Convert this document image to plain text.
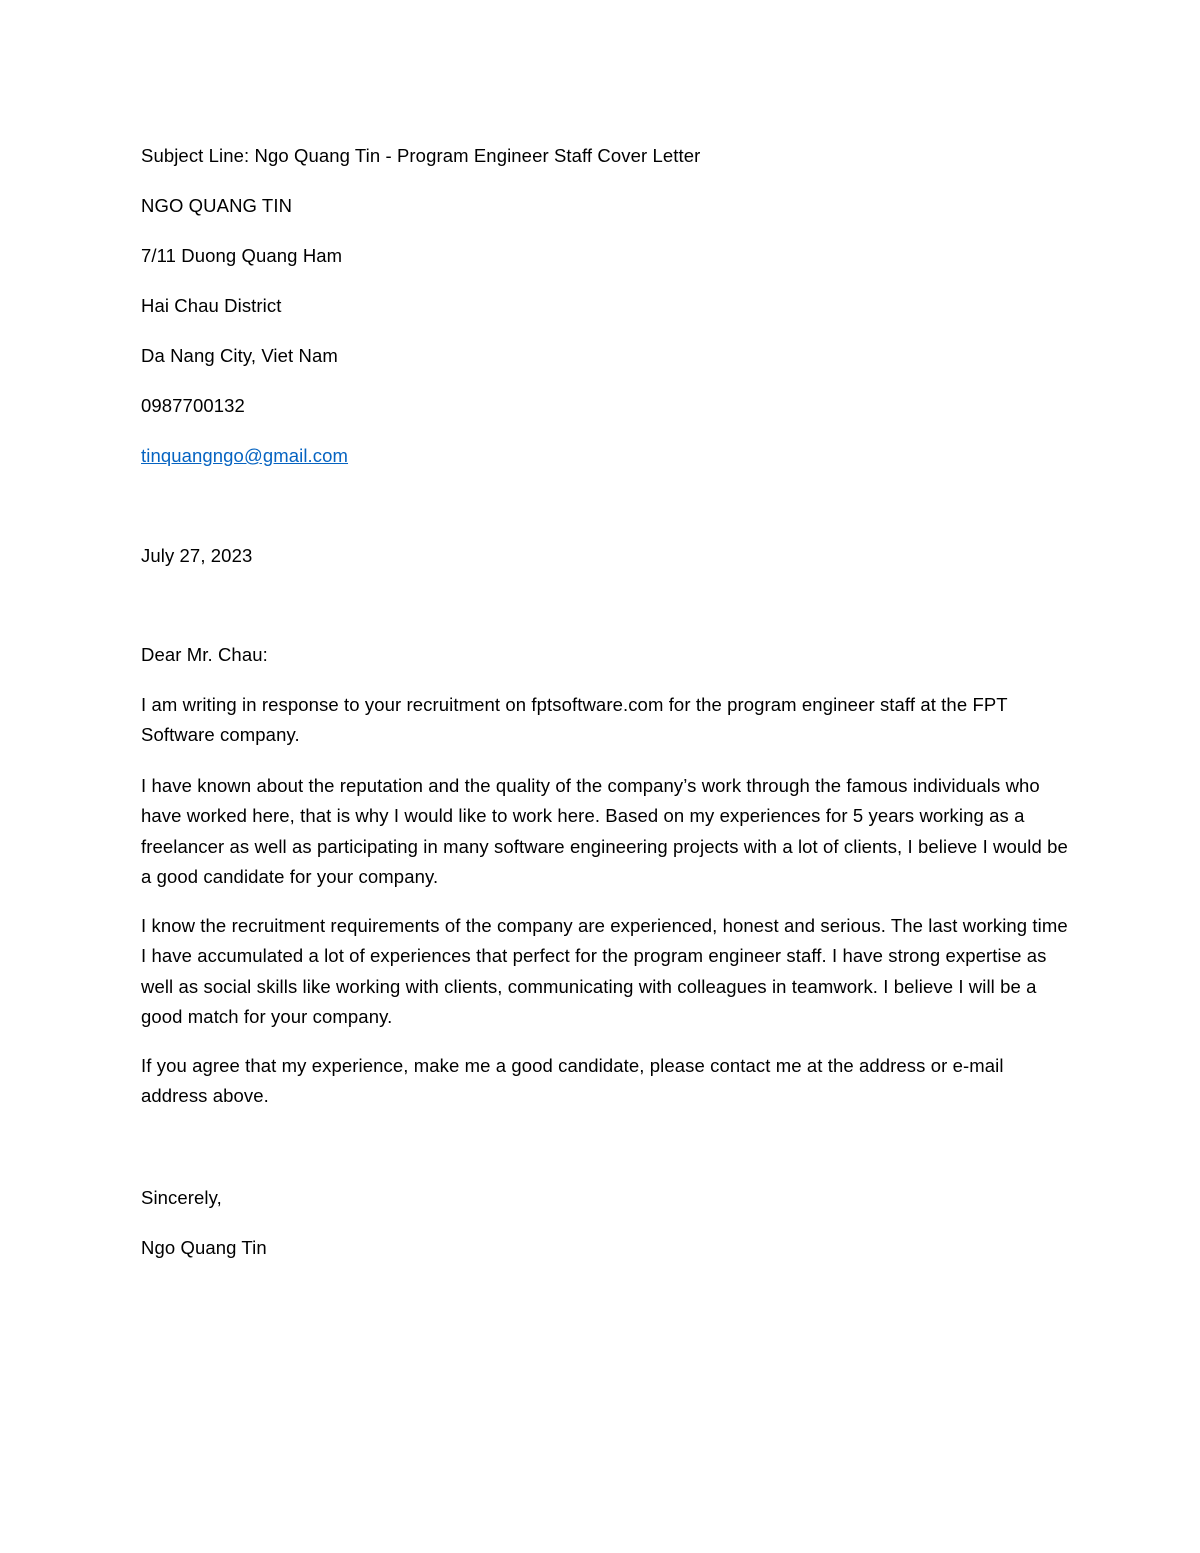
Subject Line: Ngo Quang Tin - Program Engineer Staff Cover Letter

NGO QUANG TIN

7/11 Duong Quang Ham

Hai Chau District

Da Nang City, Viet Nam

0987700132

tinquangngo@gmail.com

July 27, 2023

Dear Mr. Chau:

I am writing in response to your recruitment on fptsoftware.com for the program engineer staff at the FPT Software company.

I have known about the reputation and the quality of the company’s work through the famous individuals who have worked here, that is why I would like to work here. Based on my experiences for 5 years working as a freelancer as well as participating in many software engineering projects with a lot of clients, I believe I would be a good candidate for your company.

I know the recruitment requirements of the company are experienced, honest and serious. The last working time I have accumulated a lot of experiences that perfect for the program engineer staff. I have strong expertise as well as social skills like working with clients, communicating with colleagues in teamwork. I believe I will be a good match for your company.

If you agree that my experience, make me a good candidate, please contact me at the address or e-mail address above.

Sincerely,

Ngo Quang Tin
